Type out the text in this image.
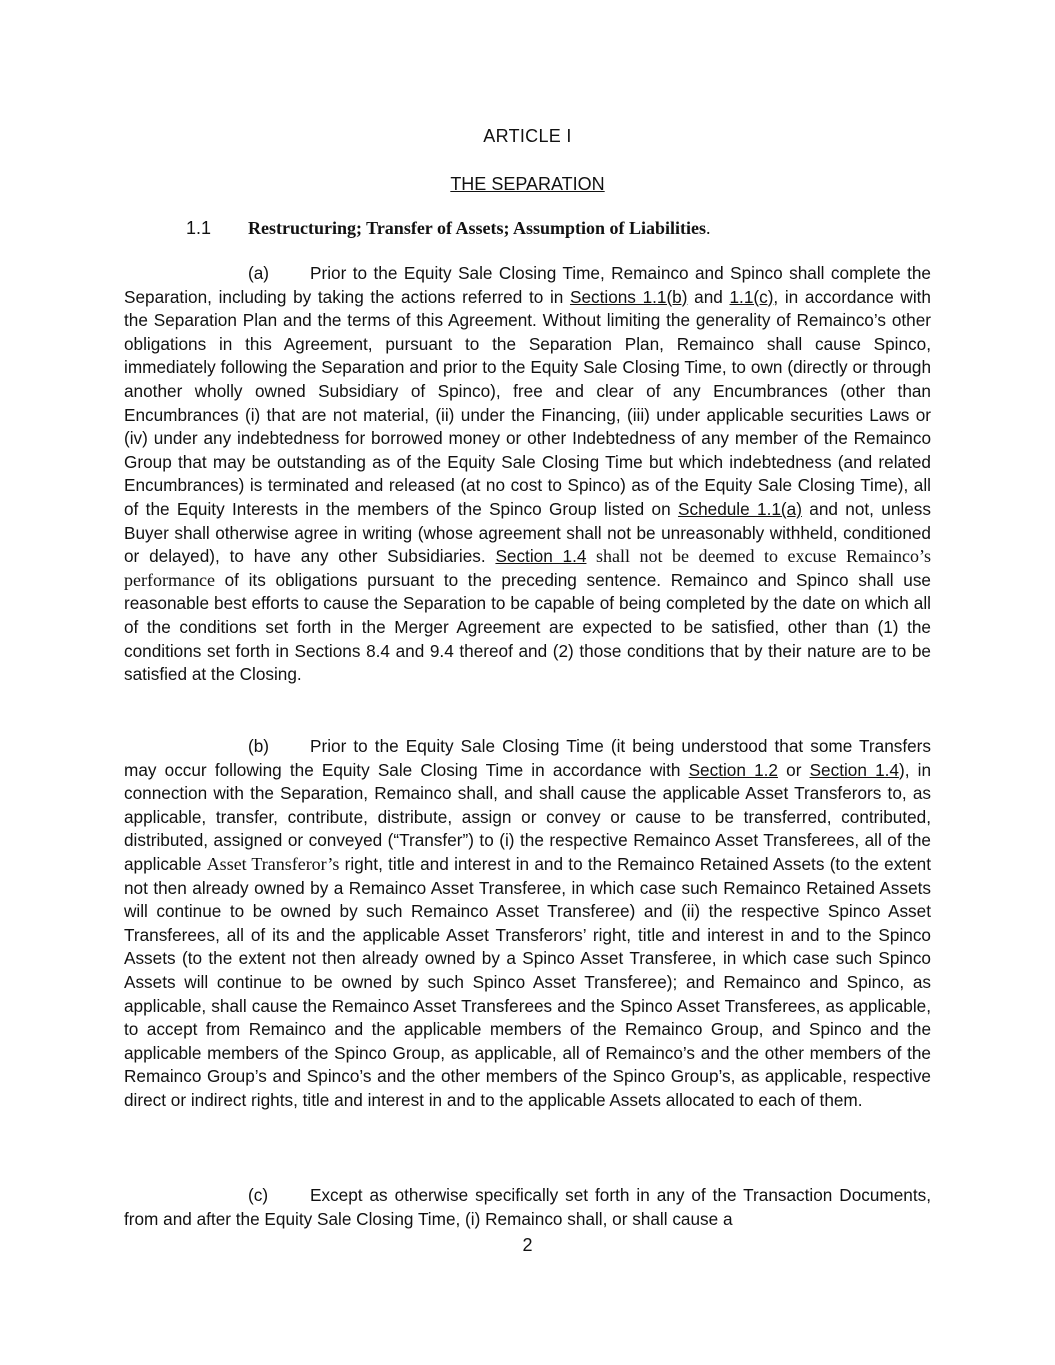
ARTICLE I
THE SEPARATION
1.1 Restructuring; Transfer of Assets; Assumption of Liabilities.

(a) Prior to the Equity Sale Closing Time, Remainco and Spinco shall complete the Separation, including by taking the actions referred to in Sections 1.1(b) and 1.1(c), in accordance with the Separation Plan and the terms of this Agreement. Without limiting the generality of Remainco’s other obligations in this Agreement, pursuant to the Separation Plan, Remainco shall cause Spinco, immediately following the Separation and prior to the Equity Sale Closing Time, to own (directly or through another wholly owned Subsidiary of Spinco), free and clear of any Encumbrances (other than Encumbrances (i) that are not material, (ii) under the Financing, (iii) under applicable securities Laws or (iv) under any indebtedness for borrowed money or other Indebtedness of any member of the Remainco Group that may be outstanding as of the Equity Sale Closing Time but which indebtedness (and related Encumbrances) is terminated and released (at no cost to Spinco) as of the Equity Sale Closing Time), all of the Equity Interests in the members of the Spinco Group listed on Schedule 1.1(a) and not, unless Buyer shall otherwise agree in writing (whose agreement shall not be unreasonably withheld, conditioned or delayed), to have any other Subsidiaries. Section 1.4 shall not be deemed to excuse Remainco’s performance of its obligations pursuant to the preceding sentence. Remainco and Spinco shall use reasonable best efforts to cause the Separation to be capable of being completed by the date on which all of the conditions set forth in the Merger Agreement are expected to be satisfied, other than (1) the conditions set forth in Sections 8.4 and 9.4 thereof and (2) those conditions that by their nature are to be satisfied at the Closing.

(b) Prior to the Equity Sale Closing Time (it being understood that some Transfers may occur following the Equity Sale Closing Time in accordance with Section 1.2 or Section 1.4), in connection with the Separation, Remainco shall, and shall cause the applicable Asset Transferors to, as applicable, transfer, contribute, distribute, assign or convey or cause to be transferred, contributed, distributed, assigned or conveyed (“Transfer”) to (i) the respective Remainco Asset Transferees, all of the applicable Asset Transferor’s right, title and interest in and to the Remainco Retained Assets (to the extent not then already owned by a Remainco Asset Transferee, in which case such Remainco Retained Assets will continue to be owned by such Remainco Asset Transferee) and (ii) the respective Spinco Asset Transferees, all of its and the applicable Asset Transferors’ right, title and interest in and to the Spinco Assets (to the extent not then already owned by a Spinco Asset Transferee, in which case such Spinco Assets will continue to be owned by such Spinco Asset Transferee); and Remainco and Spinco, as applicable, shall cause the Remainco Asset Transferees and the Spinco Asset Transferees, as applicable, to accept from Remainco and the applicable members of the Remainco Group, and Spinco and the applicable members of the Spinco Group, as applicable, all of Remainco’s and the other members of the Remainco Group’s and Spinco’s and the other members of the Spinco Group’s, as applicable, respective direct or indirect rights, title and interest in and to the applicable Assets allocated to each of them.

(c) Except as otherwise specifically set forth in any of the Transaction Documents, from and after the Equity Sale Closing Time, (i) Remainco shall, or shall cause a

2
